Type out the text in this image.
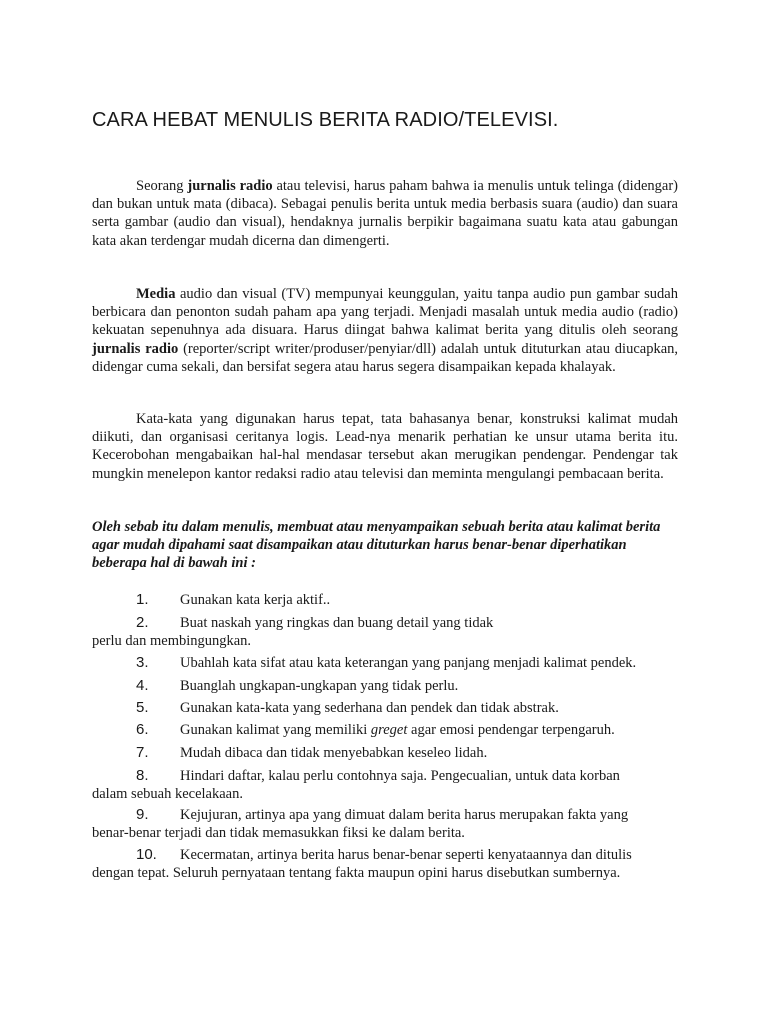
CARA HEBAT MENULIS BERITA RADIO/TELEVISI.

Seorang jurnalis radio atau televisi, harus paham bahwa ia menulis untuk telinga (didengar) dan bukan untuk mata (dibaca). Sebagai penulis berita untuk media berbasis suara (audio) dan suara serta gambar (audio dan visual), hendaknya jurnalis berpikir bagaimana suatu kata atau gabungan kata akan terdengar mudah dicerna dan dimengerti.

Media audio dan visual (TV) mempunyai keunggulan, yaitu tanpa audio pun gambar sudah berbicara dan penonton sudah paham apa yang terjadi. Menjadi masalah untuk media audio (radio) kekuatan sepenuhnya ada disuara. Harus diingat bahwa kalimat berita yang ditulis oleh seorang jurnalis radio (reporter/script writer/produser/penyiar/dll) adalah untuk dituturkan atau diucapkan, didengar cuma sekali, dan bersifat segera atau harus segera disampaikan kepada khalayak.

Kata-kata yang digunakan harus tepat, tata bahasanya benar, konstruksi kalimat mudah diikuti, dan organisasi ceritanya logis. Lead-nya menarik perhatian ke unsur utama berita itu. Kecerobohan mengabaikan hal-hal mendasar tersebut akan merugikan pendengar. Pendengar tak mungkin menelepon kantor redaksi radio atau televisi dan meminta mengulangi pembacaan berita.

Oleh sebab itu dalam menulis, membuat atau menyampaikan sebuah berita atau kalimat berita agar mudah dipahami saat disampaikan atau dituturkan harus benar-benar diperhatikan beberapa hal di bawah ini :

1. Gunakan kata kerja aktif..
2. Buat naskah yang ringkas dan buang detail yang tidak
perlu dan membingungkan.
3. Ubahlah kata sifat atau kata keterangan yang panjang menjadi kalimat pendek.
4. Buanglah ungkapan-ungkapan yang tidak perlu.
5. Gunakan kata-kata yang sederhana dan pendek dan tidak abstrak.
6. Gunakan kalimat yang memiliki greget agar emosi pendengar terpengaruh.
7. Mudah dibaca dan tidak menyebabkan keseleo lidah.
8. Hindari daftar, kalau perlu contohnya saja. Pengecualian, untuk data korban
dalam sebuah kecelakaan.
9. Kejujuran, artinya apa yang dimuat dalam berita harus merupakan fakta yang
benar-benar terjadi dan tidak memasukkan fiksi ke dalam berita.
10. Kecermatan, artinya berita harus benar-benar seperti kenyataannya dan ditulis
dengan tepat. Seluruh pernyataan tentang fakta maupun opini harus disebutkan sumbernya.
